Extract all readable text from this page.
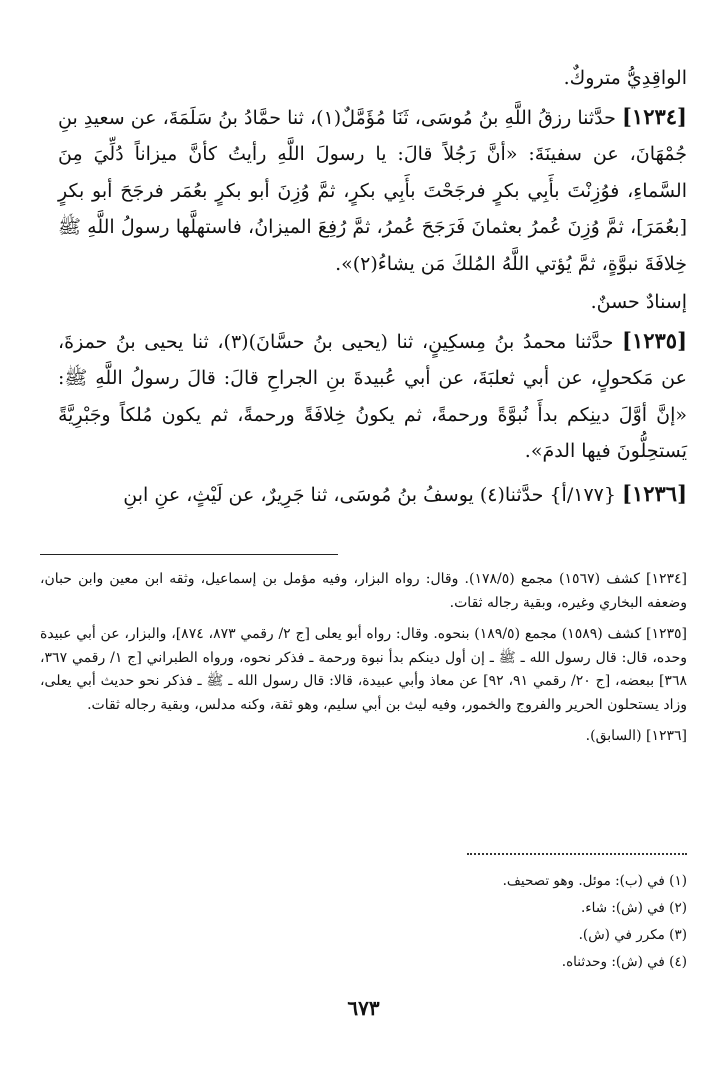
الواقِدِيُّ متروكٌ.

[١٢٣٤] حدَّثنا رزقُ اللَّهِ بنُ مُوسَى، ثَنَا مُؤَمَّلٌ(١)، ثنا حمَّادُ بنُ سَلَمَةَ، عن سعيدِ بنِ جُمْهَانَ، عن سفينَةَ: «أنَّ رَجُلاً قالَ: يا رسولَ اللَّهِ رأيتُ كأنَّ ميزاناً دُلِّيَ مِنَ السَّماءِ، فوُزِنْتَ بأَبِي بكرٍ فرجَحْتَ بأَبِي بكرٍ، ثمَّ وُزِنَ أبو بكرٍ بعُمَر فرجَحَ أبو بكرٍ [بعُمَرَ]، ثمَّ وُزِنَ عُمرُ بعثمانَ فَرَجَحَ عُمرُ، ثمَّ رُفِعَ الميزانُ، فاستهلَّها رسولُ اللَّهِ ﷺ خِلافَةَ نبوَّةٍ، ثمَّ يُؤتي اللَّهُ المُلكَ مَن يشاءُ(٢)».

إسنادٌ حسنٌ.

[١٢٣٥] حدَّثنا محمدُ بنُ مِسكِينٍ، ثنا (يحيى بنُ حسَّانَ)(٣)، ثنا يحيى بنُ حمزةَ، عن مَكحولٍ، عن أبي ثعلبَةَ، عن أبي عُبيدةَ بنِ الجراحِ قالَ: قالَ رسولُ اللَّهِ ﷺ: «إنَّ أوَّلَ دينِكم بدأَ نُبوَّةً ورحمةً، ثم يكونُ خِلافَةً ورحمةً، ثم يكون مُلكاً وجَبْرِيَّةً يَستحِلُّونَ فيها الدمَ».

[١٢٣٦] {١٧٧/أ} حدَّثنا(٤) يوسفُ بنُ مُوسَى، ثنا جَرِيرٌ، عن لَيْثٍ، عنِ ابنِ

[١٢٣٤] كشف (١٥٦٧) مجمع (١٧٨/٥). وقال: رواه البزار، وفيه مؤمل بن إسماعيل، وثقه ابن معين وابن حبان، وضعفه البخاري وغيره، وبقية رجاله ثقات.

[١٢٣٥] كشف (١٥٨٩) مجمع (١٨٩/٥) بنحوه. وقال: رواه أبو يعلى [ج ٢/ رقمي ٨٧٣، ٨٧٤]، والبزار، عن أبي عبيدة وحده، قال: قال رسول الله ـ ﷺ ـ إن أول دينكم بدأ نبوة ورحمة ـ فذكر نحوه، ورواه الطبراني [ج ١/ رقمي ٣٦٧، ٣٦٨] ببعضه، [ج ٢٠/ رقمي ٩١، ٩٢] عن معاذ وأبي عبيدة، قالا: قال رسول الله ـ ﷺ ـ فذكر نحو حديث أبي يعلى، وزاد يستحلون الحرير والفروج والخمور، وفيه ليث بن أبي سليم، وهو ثقة، وكنه مدلس، وبقية رجاله ثقات.

[١٢٣٦] (السابق).

(١) في (ب): موئل. وهو تصحيف.
(٢) في (ش): شاء.
(٣) مكرر في (ش).
(٤) في (ش): وحدثناه.
٦٧٣
